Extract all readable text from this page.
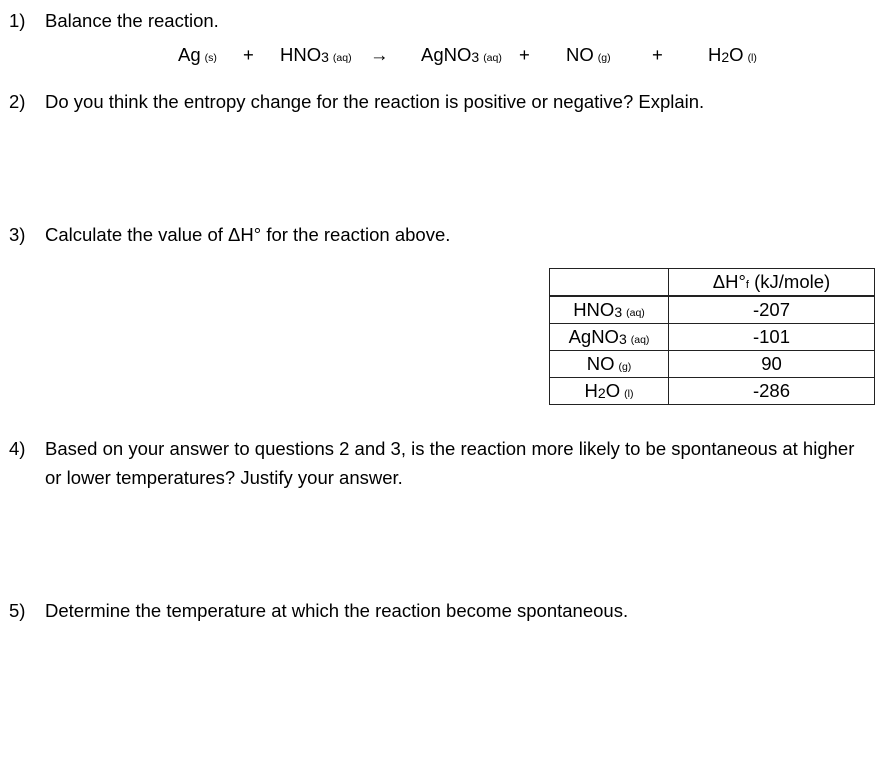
1) Balance the reaction.
Ag (s) + HNO3 (aq) → AgNO3 (aq) + NO (g) + H2O (l)
2) Do you think the entropy change for the reaction is positive or negative? Explain.
3) Calculate the value of ΔH° for the reaction above.
	ΔH°f (kJ/mole)
HNO3 (aq)	-207
AgNO3 (aq)	-101
NO (g)	90
H2O (l)	-286
4) Based on your answer to questions 2 and 3, is the reaction more likely to be spontaneous at higher or lower temperatures? Justify your answer.
5) Determine the temperature at which the reaction become spontaneous.
